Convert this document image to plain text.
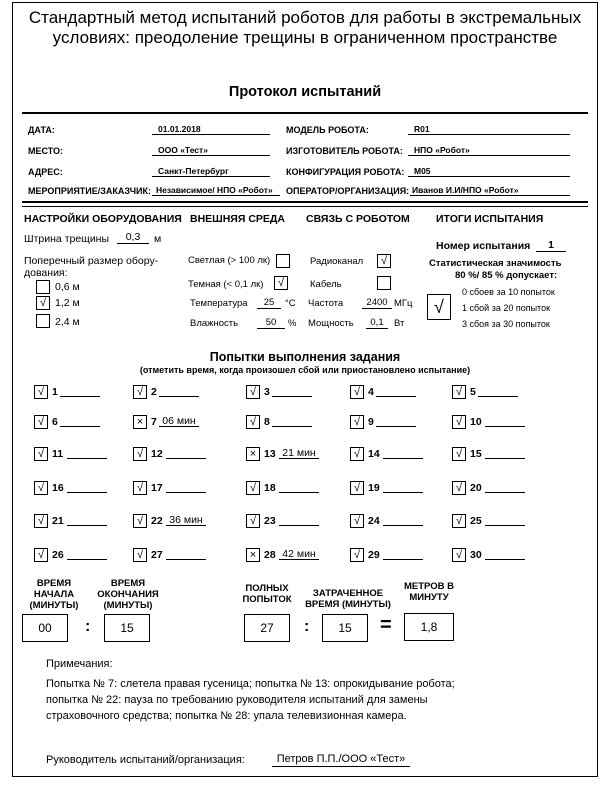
Стандартный метод испытаний роботов для работы в экстремальных условиях: преодоление трещины в ограниченном пространстве
Протокол испытаний
ДАТА:	01.01.2018
МЕСТО:	ООО «Тест»
АДРЕС:	Санкт-Петербург
МЕРОПРИЯТИЕ/ЗАКАЗЧИК: Независимое/ НПО «Робот»
МОДЕЛЬ РОБОТА:	R01
ИЗГОТОВИТЕЛЬ РОБОТА:	НПО «Робот»
КОНФИГУРАЦИЯ РОБОТА:	M05
ОПЕРАТОР/ОРГАНИЗАЦИЯ: Иванов И.И/НПО «Робот»
НАСТРОЙКИ ОБОРУДОВАНИЯ ВНЕШНЯЯ СРЕДА СВЯЗЬ С РОБОТОМ ИТОГИ ИСПЫТАНИЯ
Штрина трещины	0,3	м
Поперечный размер обору-
дования:
0,6 м
√ 1,2 м
2,4 м
Светлая (> 100 лк)
Темная (< 0,1 лк)	√
Температура	25	°С
Влажность	50	%
Радиоканал	√
Кабель
Частота	2400 МГц
Мощность	0,1	Вт
Номер испытания	1
Статистическая значимость
80 %/ 85 % допускает:
√
0 сбоев за 10 попыток
1 сбой за 20 попыток
3 сбоя за 30 попыток
Попытки выполнения задания
(отметить время, когда произошел сбой или приостановлено испытание)
√ 1	√ 2	√ 3	√ 4	√ 5
√ 6	× 7 06 мин	√ 8	√ 9	√ 10
√ 11	√ 12	× 13 21 мин	√ 14	√ 15
√ 16	√ 17	√ 18	√ 19	√ 20
√ 21	√ 22 36 мин	√ 23	√ 24	√ 25
√ 26	√ 27	× 28 42 мин	√ 29	√ 30
ВРЕМЯ НАЧАЛА (МИНУТЫ)
00	:
ВРЕМЯ ОКОНЧАНИЯ (МИНУТЫ)
15
ПОЛНЫХ ПОПЫТОК
27	:
ЗАТРАЧЕННОЕ ВРЕМЯ (МИНУТЫ)
15	=
МЕТРОВ В МИНУТУ
1,8
Примечания:
Попытка № 7: слетела правая гусеница; попытка № 13: опрокидывание робота;
попытка № 22: пауза по требованию руководителя испытаний для замены
страховочного средства; попытка № 28: упала телевизионная камера.
Руководитель испытаний/организация:	Петров П.П./ООО «Тест»
